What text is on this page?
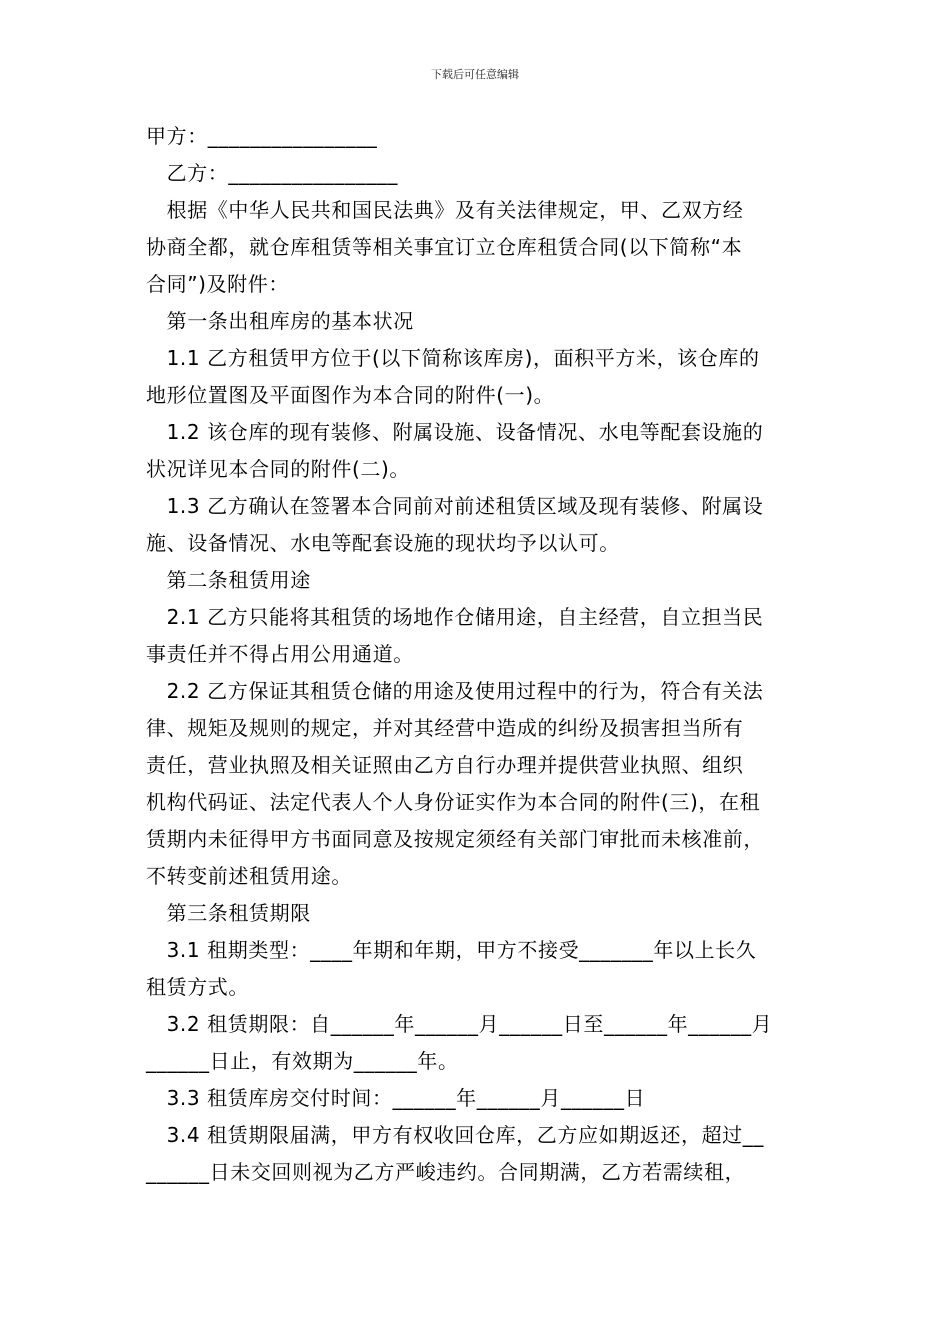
下载后可任意编辑
甲方：________________
　乙方：________________
　根据《中华人民共和国民法典》及有关法律规定，甲、乙双方经
协商全都，就仓库租赁等相关事宜订立仓库租赁合同(以下简称“本
合同”)及附件：
　第一条出租库房的基本状况
　1.1 乙方租赁甲方位于(以下简称该库房)，面积平方米，该仓库的
地形位置图及平面图作为本合同的附件(一)。
　1.2 该仓库的现有装修、附属设施、设备情况、水电等配套设施的
状况详见本合同的附件(二)。
　1.3 乙方确认在签署本合同前对前述租赁区域及现有装修、附属设
施、设备情况、水电等配套设施的现状均予以认可。
　第二条租赁用途
　2.1 乙方只能将其租赁的场地作仓储用途，自主经营，自立担当民
事责任并不得占用公用通道。
　2.2 乙方保证其租赁仓储的用途及使用过程中的行为，符合有关法
律、规矩及规则的规定，并对其经营中造成的纠纷及损害担当所有
责任，营业执照及相关证照由乙方自行办理并提供营业执照、组织
机构代码证、法定代表人个人身份证实作为本合同的附件(三)，在租
赁期内未征得甲方书面同意及按规定须经有关部门审批而未核准前，
不转变前述租赁用途。
　第三条租赁期限
　3.1 租期类型：____年期和年期，甲方不接受_______年以上长久
租赁方式。
　3.2 租赁期限：自______年______月______日至______年______月
______日止，有效期为______年。
　3.3 租赁库房交付时间：______年______月______日
　3.4 租赁期限届满，甲方有权收回仓库，乙方应如期返还，超过__
______日未交回则视为乙方严峻违约。合同期满，乙方若需续租，
